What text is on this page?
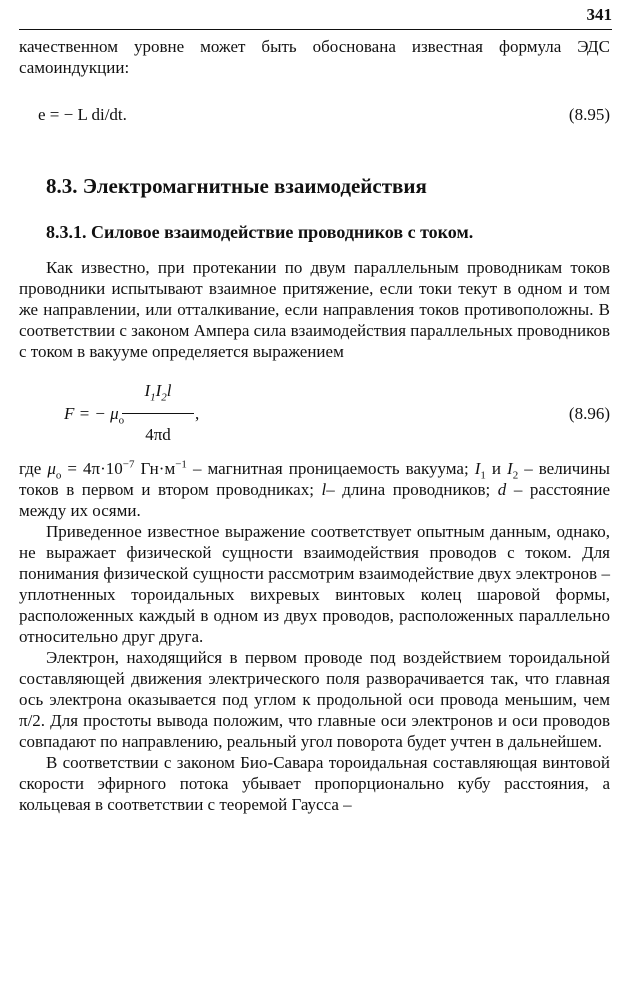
341

качественном уровне может быть обоснована известная формула ЭДС самоиндукции:

e = − L di/dt.	(8.95)
8.3. Электромагнитные взаимодействия
8.3.1. Силовое взаимодействие проводников с током.

Как известно, при протекании по двум параллельным проводникам токов проводники испытывают взаимное притяжение, если токи текут в одном и том же направлении, или отталкивание, если направления токов противоположны. В соответствии с законом Ампера сила взаимодействия параллельных проводников с током в вакууме определяется выражением

F = − $\mu_о$
$I_1I_2l$
4πd
,	(8.96)

где $\mu_о = 4\pi\cdot 10^{-7}$ $Гн\cdot м^{-1}$ – магнитная проницаемость вакуума; $I_1$ и $I_2$ – величины токов в первом и втором проводниках; l– длина проводников; d – расстояние между их осями.

Приведенное известное выражение соответствует опытным данным, однако, не выражает физической сущности взаимодействия проводов с током. Для понимания физической сущности рассмотрим взаимодействие двух электронов – уплотненных тороидальных вихревых винтовых колец шаровой формы, расположенных каждый в одном из двух проводов, расположенных параллельно относительно друг друга.

Электрон, находящийся в первом проводе под воздействием тороидальной составляющей движения электрического поля разворачивается так, что главная ось электрона оказывается под углом к продольной оси провода меньшим, чем π/2. Для простоты вывода положим, что главные оси электронов и оси проводов совпадают по направлению, реальный угол поворота будет учтен в дальнейшем.

В соответствии с законом Био-Савара тороидальная составляющая винтовой скорости эфирного потока убывает пропорционально кубу расстояния, а кольцевая в соответствии с теоремой Гаусса –
